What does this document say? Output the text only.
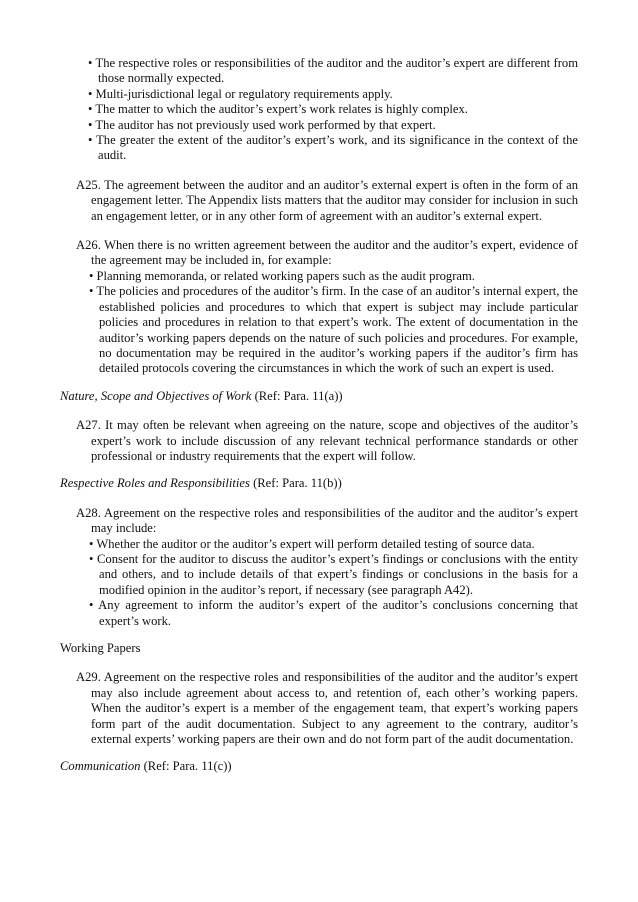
• The respective roles or responsibilities of the auditor and the auditor’s expert are different from those normally expected.
• Multi-jurisdictional legal or regulatory requirements apply.
• The matter to which the auditor’s expert’s work relates is highly complex.
• The auditor has not previously used work performed by that expert.
• The greater the extent of the auditor’s expert’s work, and its significance in the context of the audit.
A25. The agreement between the auditor and an auditor’s external expert is often in the form of an engagement letter. The Appendix lists matters that the auditor may consider for inclusion in such an engagement letter, or in any other form of agreement with an auditor’s external expert.
A26. When there is no written agreement between the auditor and the auditor’s expert, evidence of the agreement may be included in, for example:
• Planning memoranda, or related working papers such as the audit program.
• The policies and procedures of the auditor’s firm. In the case of an auditor’s internal expert, the established policies and procedures to which that expert is subject may include particular policies and procedures in relation to that expert’s work. The extent of documentation in the auditor’s working papers depends on the nature of such policies and procedures. For example, no documentation may be required in the auditor’s working papers if the auditor’s firm has detailed protocols covering the circumstances in which the work of such an expert is used.
Nature, Scope and Objectives of Work (Ref: Para. 11(a))
A27. It may often be relevant when agreeing on the nature, scope and objectives of the auditor’s expert’s work to include discussion of any relevant technical performance standards or other professional or industry requirements that the expert will follow.
Respective Roles and Responsibilities (Ref: Para. 11(b))
A28. Agreement on the respective roles and responsibilities of the auditor and the auditor’s expert may include:
• Whether the auditor or the auditor’s expert will perform detailed testing of source data.
• Consent for the auditor to discuss the auditor’s expert’s findings or conclusions with the entity and others, and to include details of that expert’s findings or conclusions in the basis for a modified opinion in the auditor’s report, if necessary (see paragraph A42).
• Any agreement to inform the auditor’s expert of the auditor’s conclusions concerning that expert’s work.
Working Papers
A29. Agreement on the respective roles and responsibilities of the auditor and the auditor’s expert may also include agreement about access to, and retention of, each other’s working papers. When the auditor’s expert is a member of the engagement team, that expert’s working papers form part of the audit documentation. Subject to any agreement to the contrary, auditor’s external experts’ working papers are their own and do not form part of the audit documentation.
Communication (Ref: Para. 11(c))
